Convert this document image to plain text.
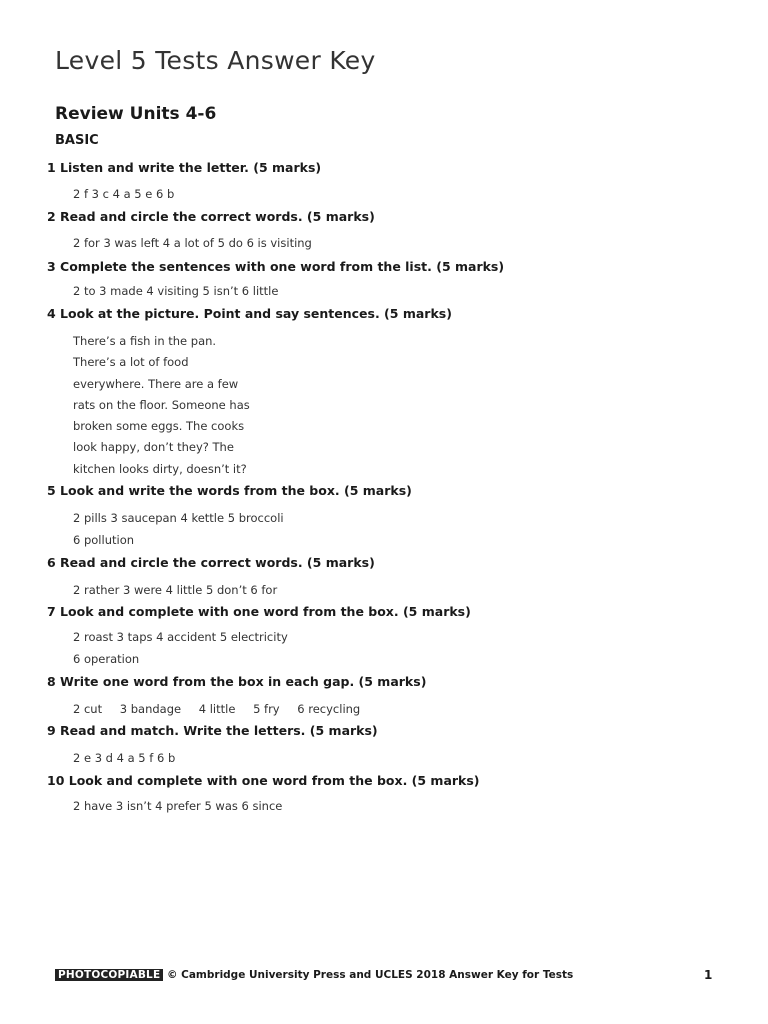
Level 5 Tests Answer Key
Review Units 4-6
BASIC
1 Listen and write the letter. (5 marks)
2 f 3 c 4 a 5 e 6 b
2 Read and circle the correct words. (5 marks)
2 for 3 was left 4 a lot of 5 do 6 is visiting
3 Complete the sentences with one word from the list. (5 marks)
2 to 3 made 4 visiting 5 isn’t 6 little
4 Look at the picture. Point and say sentences. (5 marks)
There’s a fish in the pan.
There’s a lot of food
everywhere. There are a few
rats on the floor. Someone has
broken some eggs. The cooks
look happy, don’t they? The
kitchen looks dirty, doesn’t it?
5 Look and write the words from the box. (5 marks)
2 pills 3 saucepan 4 kettle 5 broccoli
6 pollution
6 Read and circle the correct words. (5 marks)
2 rather 3 were 4 little 5 don’t 6 for
7 Look and complete with one word from the box. (5 marks)
2 roast 3 taps 4 accident 5 electricity
6 operation
8 Write one word from the box in each gap. (5 marks)
2 cut 3 bandage 4 little 5 fry 6 recycling
9 Read and match. Write the letters. (5 marks)
2 e 3 d 4 a 5 f 6 b
10 Look and complete with one word from the box. (5 marks)
2 have 3 isn’t 4 prefer 5 was 6 since
PHOTOCOPIABLE © Cambridge University Press and UCLES 2018 Answer Key for Tests	1
